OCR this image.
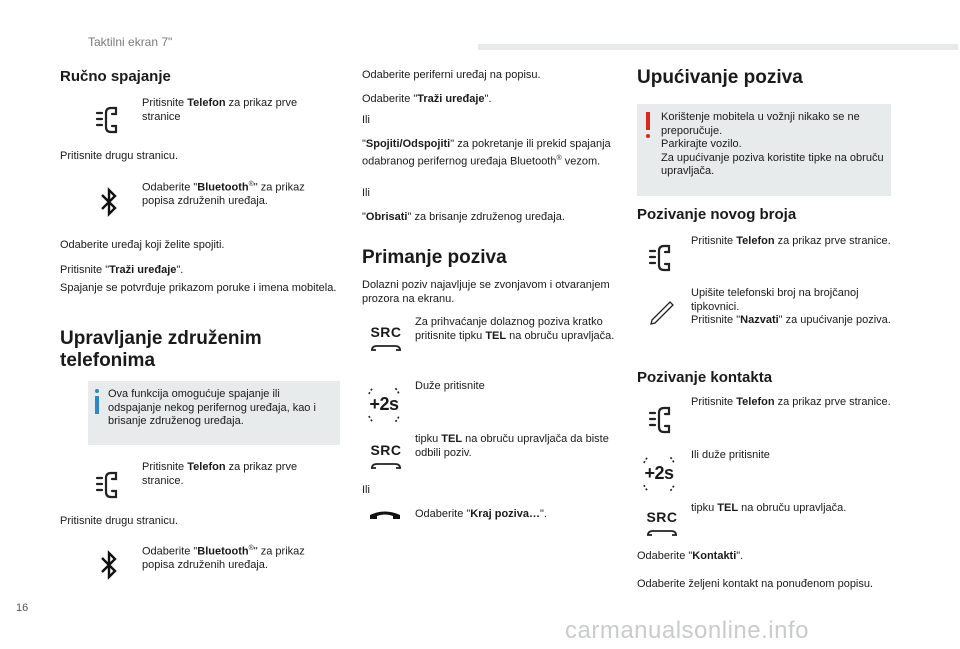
Taktilni ekran 7"
Ručno spajanje

Pritisnite Telefon za prikaz prve stranice

Pritisnite drugu stranicu.

Odaberite "Bluetooth®" za prikaz popisa združenih uređaja.

Odaberite uređaj koji želite spojiti.

Pritisnite "Traži uređaje".

Spajanje se potvrđuje prikazom poruke i imena mobitela.

Upravljanje združenim
telefonima

Ova funkcija omogućuje spajanje ili odspajanje nekog perifernog uređaja, kao i brisanje združenog uređaja.

Pritisnite Telefon za prikaz prve stranice.

Pritisnite drugu stranicu.

Odaberite "Bluetooth®" za prikaz popisa združenih uređaja.

Odaberite periferni uređaj na popisu.

Odaberite "Traži uređaje".

Ili

"Spojiti/Odspojiti" za pokretanje ili prekid spajanja odabranog perifernog uređaja Bluetooth® vezom.

Ili

"Obrisati" za brisanje združenog uređaja.

Primanje poziva

Dolazni poziv najavljuje se zvonjavom i otvaranjem prozora na ekranu.

SRC

Za prihvaćanje dolaznog poziva kratko pritisnite tipku TEL na obruču upravljača.

+2s

Duže pritisnite

SRC

tipku TEL na obruču upravljača da biste odbili poziv.

Ili

Odaberite "Kraj poziva…".

Upućivanje poziva

Korištenje mobitela u vožnji nikako se ne preporučuje.

Parkirajte vozilo.

Za upućivanje poziva koristite tipke na obruču upravljača.

Pozivanje novog broja

Pritisnite Telefon za prikaz prve stranice.

Upišite telefonski broj na brojčanoj tipkovnici.

Pritisnite "Nazvati" za upućivanje poziva.

Pozivanje kontakta

Pritisnite Telefon za prikaz prve stranice.

+2s

Ili duže pritisnite

SRC

tipku TEL na obruču upravljača.

Odaberite "Kontakti".

Odaberite željeni kontakt na ponuđenom popisu.

16
carmanualsonline.info
